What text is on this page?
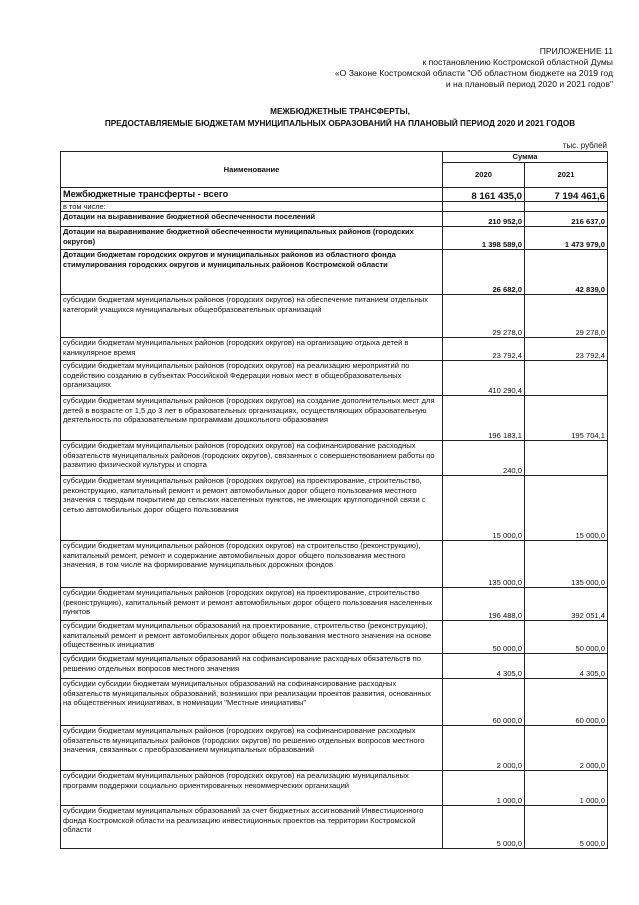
ПРИЛОЖЕНИЕ 11
к постановлению Костромской областной Думы
«О Законе Костромской области "Об областном бюджете на 2019 год
и на плановый период 2020 и 2021 годов"
МЕЖБЮДЖЕТНЫЕ ТРАНСФЕРТЫ,
ПРЕДОСТАВЛЯЕМЫЕ БЮДЖЕТАМ МУНИЦИПАЛЬНЫХ ОБРАЗОВАНИЙ НА ПЛАНОВЫЙ ПЕРИОД 2020 И 2021 ГОДОВ
тыс. рублей
Наименование	Сумма	
	2020	2021
Межбюджетные трансферты - всего	8 161 435,0	7 194 461,6
в том числе:		
Дотации на выравнивание бюджетной обеспеченности поселений	210 952,0	216 637,0
Дотации на выравнивание бюджетной обеспеченности муниципальных районов (городских округов)	1 398 589,0	1 473 979,0
Дотации бюджетам городских округов и муниципальных районов из областного фонда стимулирования городских округов и муниципальных районов Костромской области	26 682,0	42 839,0
субсидии бюджетам муниципальных районов (городских округов) на обеспечение питанием отдельных категорий учащихся муниципальных общеобразовательных организаций	29 278,0	29 278,0
субсидии бюджетам муниципальных районов (городских округов) на организацию отдыха детей в каникулярное время	23 792,4	23 792,4
субсидии бюджетам муниципальных районов (городских округов) на реализацию мероприятий по содействию созданию в субъектах Российской Федерации новых мест в общеобразовательных организациях	410 290,4	
субсидии бюджетам муниципальных районов (городских округов) на создание дополнительных мест для детей в возрасте от 1,5 до 3 лет в образовательных организациях, осуществляющих образовательную деятельность по образовательным программам дошкольного образования	196 183,1	195 704,1
субсидии бюджетам муниципальных районов (городских округов) на софинансирование расходных обязательств муниципальных районов (городских округов), связанных с совершенствованием работы по развитию физической культуры и спорта	240,0	
субсидии бюджетам муниципальных районов (городских округов) на проектирование, строительство, реконструкцию, капитальный ремонт и ремонт автомобильных дорог общего пользования местного значения с твердым покрытием до сельских населенных пунктов, не имеющих круглогодичной связи с сетью автомобильных дорог общего пользования	15 000,0	15 000,0
субсидии бюджетам муниципальных районов (городских округов) на строительство (реконструкцию), капитальный ремонт, ремонт и содержание автомобильных дорог общего пользования местного значения, в том числе на формирование муниципальных дорожных фондов	135 000,0	135 000,0
субсидии бюджетам муниципальных районов (городских округов) на проектирование, строительство (реконструкцию), капитальный ремонт и ремонт автомобильных дорог общего пользования населенных пунктов	196 488,0	392 051,4
субсидии бюджетам муниципальных образований на проектирование, строительство (реконструкцию), капитальный ремонт и ремонт автомобильных дорог общего пользования местного значения на основе общественных инициатив	50 000,0	50 000,0
субсидии бюджетам муниципальных образований на софинансирование расходных обязательств по решению отдельных вопросов местного значения	4 305,0	4 305,0
субсидии субсидии бюджетам муниципальных образований на софинансирование расходных обязательств муниципальных образований, возникших при реализации проектов развития, основанных на общественных инициативах, в номинации "Местные инициативы"	60 000,0	60 000,0
субсидии бюджетам муниципальных районов (городских округов) на софинансирование расходных обязательств муниципальных районов (городских округов) по решению отдельных вопросов местного значения, связанных с преобразованием муниципальных образований	2 000,0	2 000,0
субсидии бюджетам муниципальных районов (городских округов) на реализацию муниципальных программ поддержки социально ориентированных некоммерческих организаций	1 000,0	1 000,0
субсидии бюджетам муниципальных образований за счет бюджетных ассигнований Инвестиционного фонда Костромской области на реализацию инвестиционных проектов на территории Костромской области	5 000,0	5 000,0
